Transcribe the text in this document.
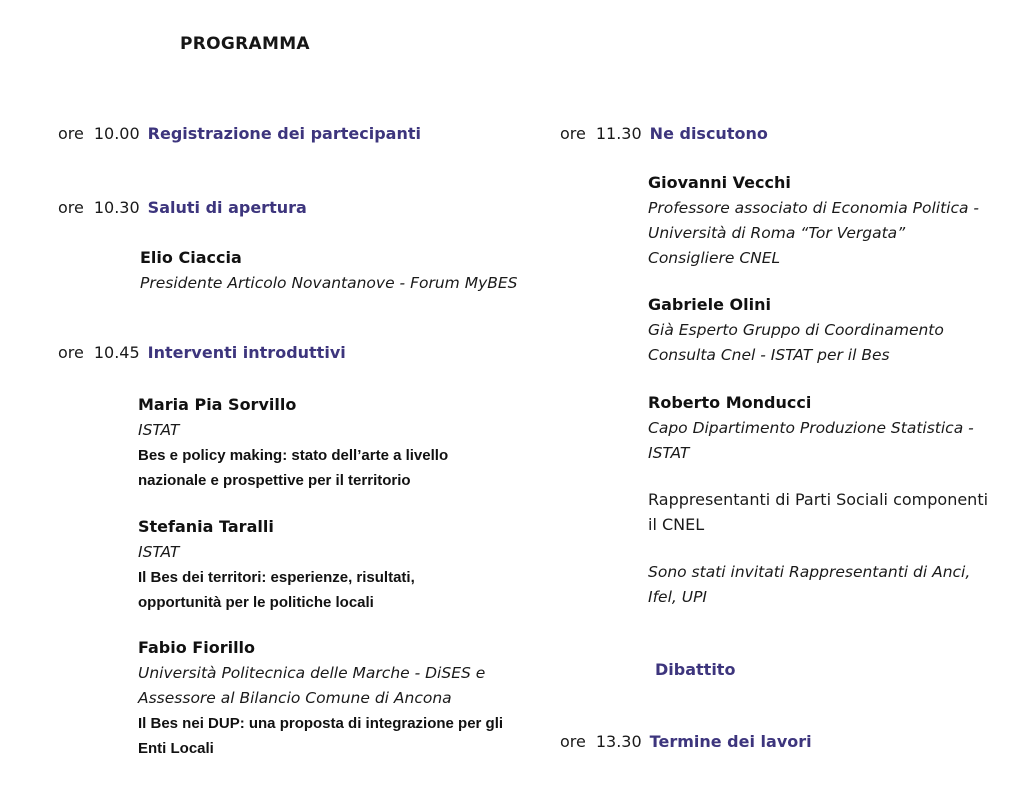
PROGRAMMA
ore 10.00 Registrazione dei partecipanti
ore 10.30 Saluti di apertura
Elio Ciaccia
Presidente Articolo Novantanove - Forum MyBES
ore 10.45 Interventi introduttivi
Maria Pia Sorvillo
ISTAT
Bes e policy making: stato dell’arte a livello
nazionale e prospettive per il territorio
Stefania Taralli
ISTAT
Il Bes dei territori: esperienze, risultati,
opportunità per le politiche locali
Fabio Fiorillo
Università Politecnica delle Marche - DiSES e
Assessore al Bilancio Comune di Ancona
Il Bes nei DUP: una proposta di integrazione per gli
Enti Locali
ore 11.30 Ne discutono
Giovanni Vecchi
Professore associato di Economia Politica -
Università di Roma “Tor Vergata”
Consigliere CNEL
Gabriele Olini
Già Esperto Gruppo di Coordinamento
Consulta Cnel - ISTAT per il Bes
Roberto Monducci
Capo Dipartimento Produzione Statistica -
ISTAT
Rappresentanti di Parti Sociali componenti
il CNEL
Sono stati invitati Rappresentanti di Anci,
Ifel, UPI
Dibattito
ore 13.30 Termine dei lavori
